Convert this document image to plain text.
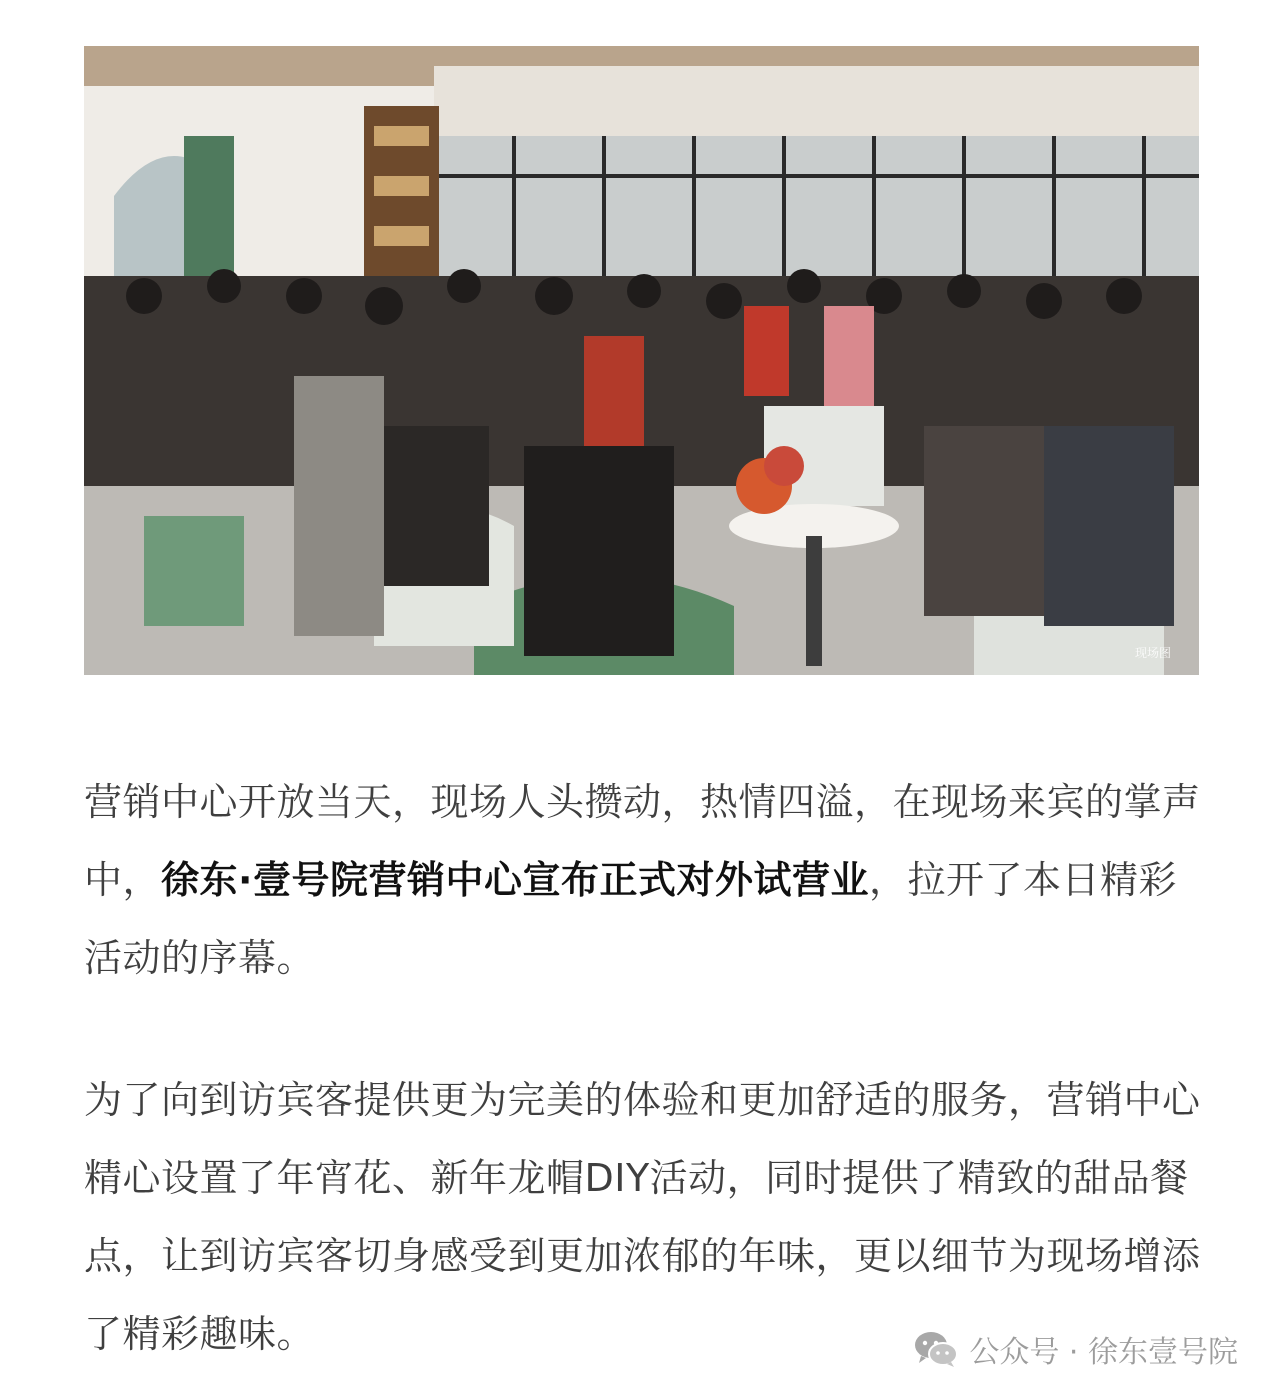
现场图

营销中心开放当天，现场人头攒动，热情四溢，在现场来宾的掌声中，徐东·壹号院营销中心宣布正式对外试营业，拉开了本日精彩活动的序幕。

为了向到访宾客提供更为完美的体验和更加舒适的服务，营销中心精心设置了年宵花、新年龙帽DIY活动，同时提供了精致的甜品餐点，让到访宾客切身感受到更加浓郁的年味，更以细节为现场增添了精彩趣味。	公众号 · 徐东壹号院
